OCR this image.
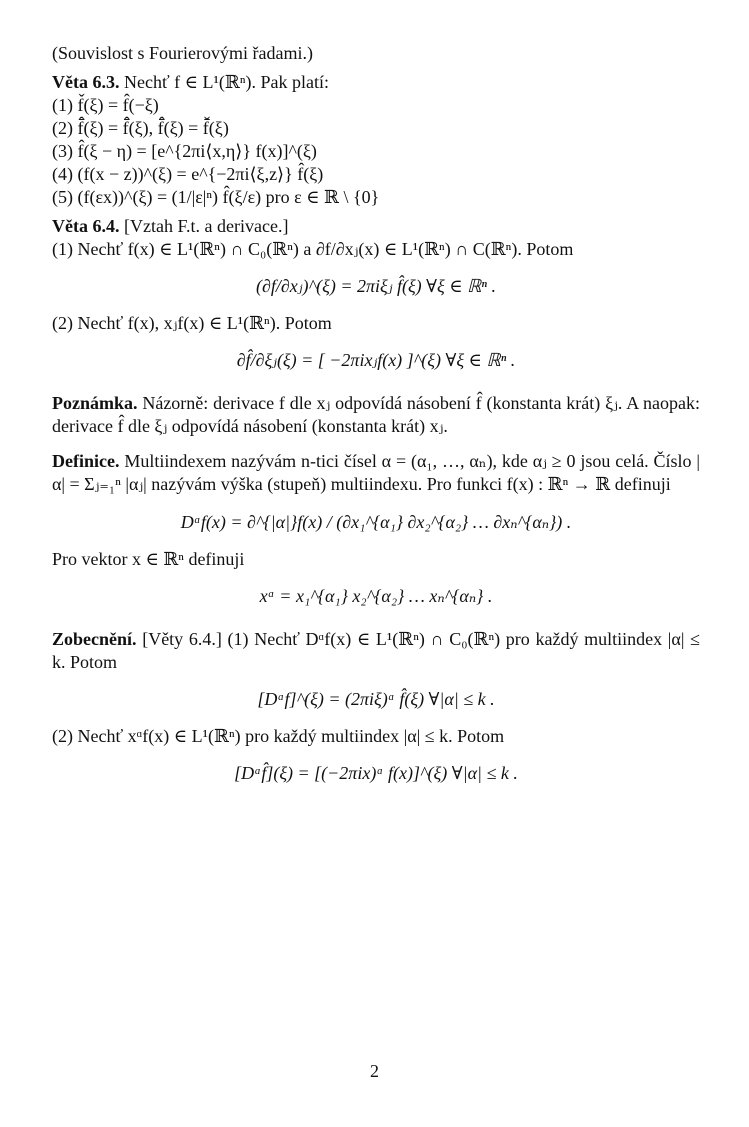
(Souvislost s Fourierovými řadami.)

Věta 6.3. Nechť f ∈ L¹(ℝⁿ). Pak platí:

(1) f̌(ξ) = f̂(−ξ)

(2) f̄̂(ξ) = f̂̄(ξ), f̂̄(ξ) = f̌̄(ξ)

(3) f̂(ξ − η) = [e^{2πi⟨x,η⟩} f(x)]^(ξ)

(4) (f(x − z))^(ξ) = e^{−2πi⟨ξ,z⟩} f̂(ξ)

(5) (f(εx))^(ξ) = (1/|ε|ⁿ) f̂(ξ/ε) pro ε ∈ ℝ \ {0}

Věta 6.4. [Vztah F.t. a derivace.]

(1) Nechť f(x) ∈ L¹(ℝⁿ) ∩ C₀(ℝⁿ) a ∂f/∂xⱼ(x) ∈ L¹(ℝⁿ) ∩ C(ℝⁿ). Potom

(∂f/∂xⱼ)^(ξ) = 2πiξⱼ f̂(ξ) ∀ξ ∈ ℝⁿ .

(2) Nechť f(x), xⱼf(x) ∈ L¹(ℝⁿ). Potom

∂f̂/∂ξⱼ(ξ) = [ −2πixⱼf(x) ]^(ξ) ∀ξ ∈ ℝⁿ .

Poznámka. Názorně: derivace f dle xⱼ odpovídá násobení f̂ (konstanta krát) ξⱼ. A naopak: derivace f̂ dle ξⱼ odpovídá násobení (konstanta krát) xⱼ.

Definice. Multiindexem nazývám n-tici čísel α = (α₁, …, αₙ), kde αⱼ ≥ 0 jsou celá. Číslo |α| = Σⱼ₌₁ⁿ |αⱼ| nazývám výška (stupeň) multiindexu. Pro funkci f(x) : ℝⁿ → ℝ definuji

Dᵅf(x) = ∂^{|α|}f(x) / (∂x₁^{α₁} ∂x₂^{α₂} … ∂xₙ^{αₙ}) .

Pro vektor x ∈ ℝⁿ definuji

xᵅ = x₁^{α₁} x₂^{α₂} … xₙ^{αₙ} .

Zobecnění. [Věty 6.4.] (1) Nechť Dᵅf(x) ∈ L¹(ℝⁿ) ∩ C₀(ℝⁿ) pro každý multiindex |α| ≤ k. Potom

[Dᵅf]^(ξ) = (2πiξ)ᵅ f̂(ξ) ∀|α| ≤ k .

(2) Nechť xᵅf(x) ∈ L¹(ℝⁿ) pro každý multiindex |α| ≤ k. Potom

[Dᵅf̂](ξ) = [(−2πix)ᵅ f(x)]^(ξ) ∀|α| ≤ k .
2
